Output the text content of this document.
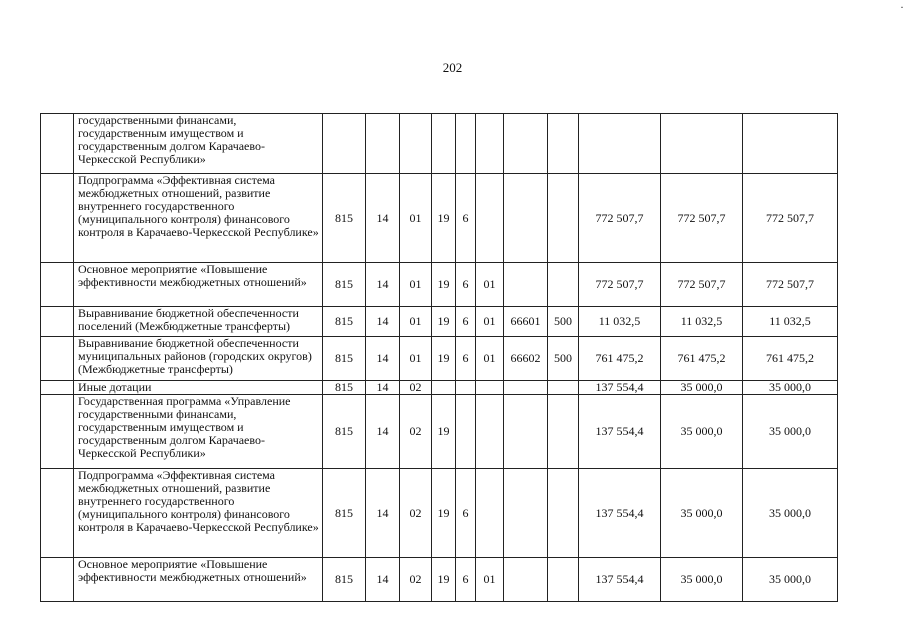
·
202
	государственными финансами, государственным имуществом и государственным долгом Карачаево-Черкесской Республики»											
	Подпрограмма «Эффективная система межбюджетных отношений, развитие внутреннего государственного (муниципального контроля) финансового контроля в Карачаево-Черкесской Республике»	815	14	01	19	6				772 507,7	772 507,7	772 507,7
	Основное мероприятие «Повышение эффективности межбюджетных отношений»	815	14	01	19	6	01			772 507,7	772 507,7	772 507,7
	Выравнивание бюджетной обеспеченности поселений (Межбюджетные трансферты)	815	14	01	19	6	01	66601	500	11 032,5	11 032,5	11 032,5
	Выравнивание бюджетной обеспеченности муниципальных районов (городских округов) (Межбюджетные трансферты)	815	14	01	19	6	01	66602	500	761 475,2	761 475,2	761 475,2
	Иные дотации	815	14	02						137 554,4	35 000,0	35 000,0
	Государственная программа «Управление государственными финансами, государственным имуществом и государственным долгом Карачаево-Черкесской Республики»	815	14	02	19					137 554,4	35 000,0	35 000,0
	Подпрограмма «Эффективная система межбюджетных отношений, развитие внутреннего государственного (муниципального контроля) финансового контроля в Карачаево-Черкесской Республике»	815	14	02	19	6				137 554,4	35 000,0	35 000,0
	Основное мероприятие «Повышение эффективности межбюджетных отношений»	815	14	02	19	6	01			137 554,4	35 000,0	35 000,0
